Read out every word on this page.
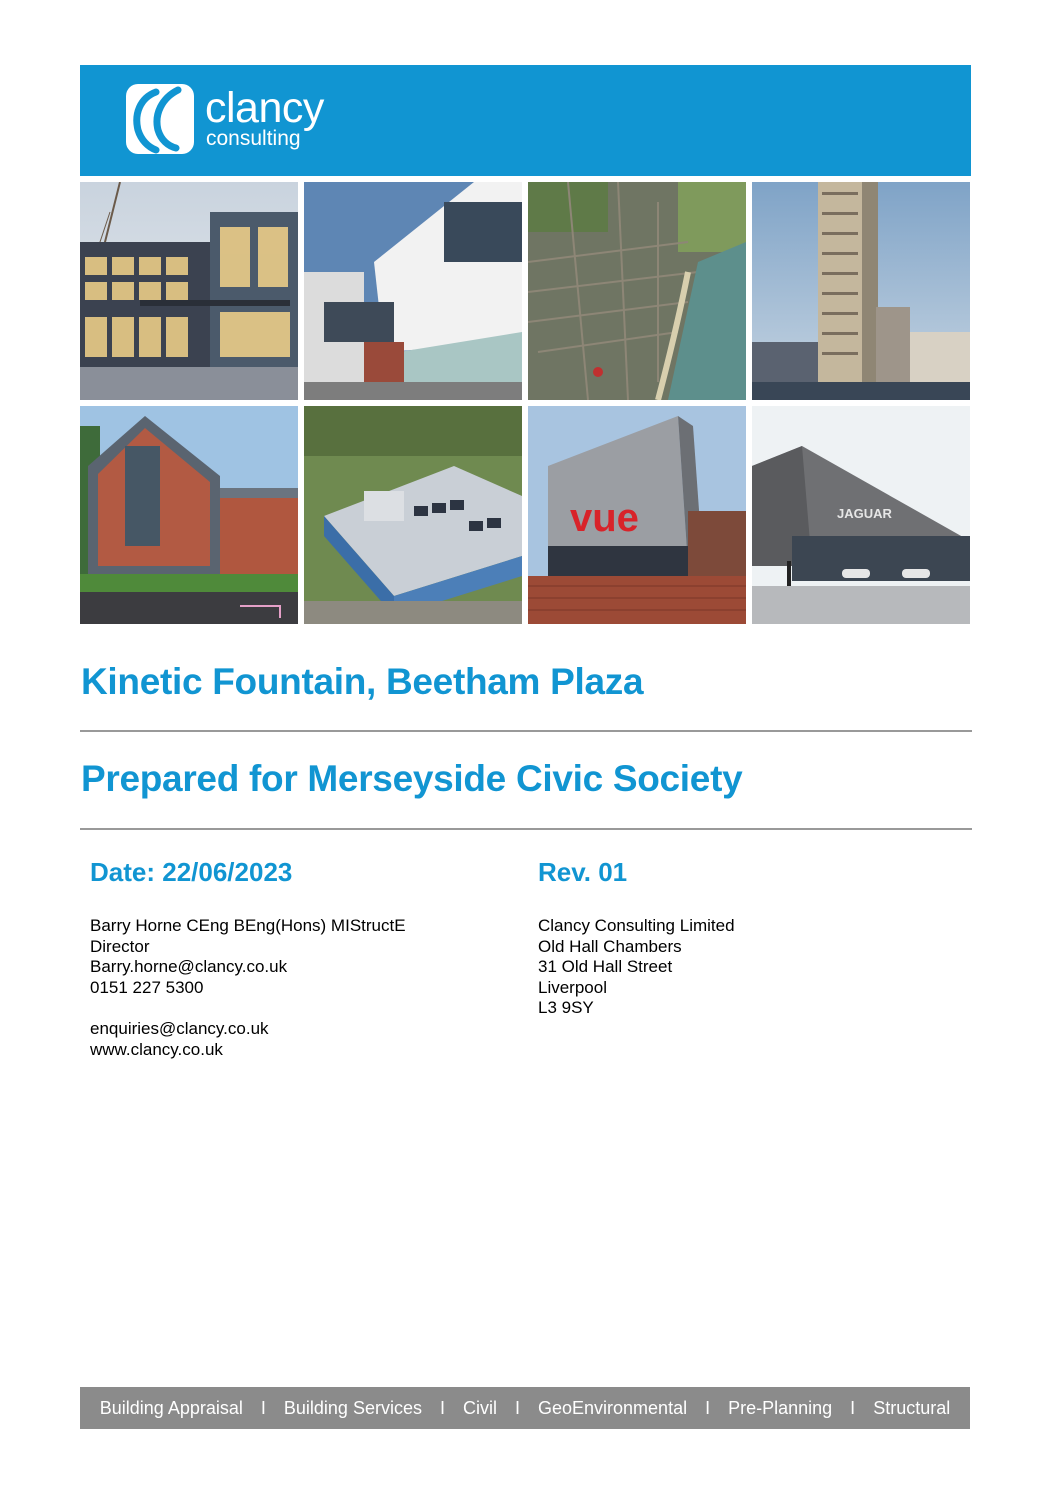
clancy
consulting
vue	JAGUAR
Kinetic Fountain, Beetham Plaza
Prepared for Merseyside Civic Society
Date: 22/06/2023	Rev. 01
Barry Horne CEng BEng(Hons) MIStructE
Director
Barry.horne@clancy.co.uk
0151 227 5300
enquiries@clancy.co.uk
www.clancy.co.uk
Clancy Consulting Limited
Old Hall Chambers
31 Old Hall Street
Liverpool
L3 9SY
Building Appraisal I Building Services I Civil I GeoEnvironmental I Pre-Planning I Structural
